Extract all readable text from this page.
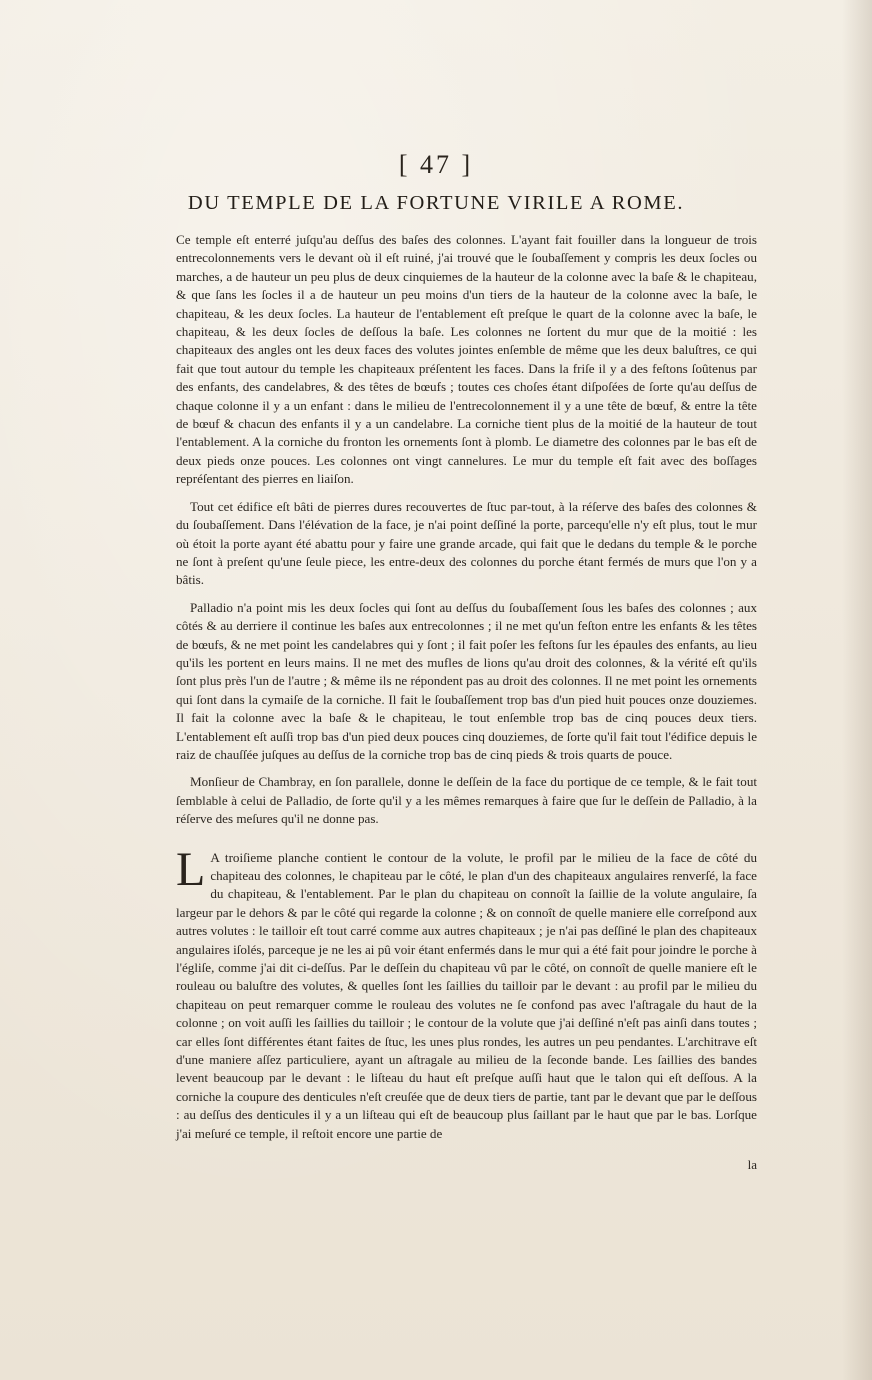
[ 47 ]
DU TEMPLE DE LA FORTUNE VIRILE A ROME.

Ce temple eſt enterré juſqu'au deſſus des baſes des colonnes. L'ayant fait fouiller dans la longueur de trois entrecolonnements vers le devant où il eſt ruiné, j'ai trouvé que le ſoubaſſement y compris les deux ſocles ou marches, a de hauteur un peu plus de deux cinquiemes de la hauteur de la colonne avec la baſe & le chapiteau, & que ſans les ſocles il a de hauteur un peu moins d'un tiers de la hauteur de la colonne avec la baſe, le chapiteau, & les deux ſocles. La hauteur de l'entablement eſt preſque le quart de la colonne avec la baſe, le chapiteau, & les deux ſocles de deſſous la baſe. Les colonnes ne ſortent du mur que de la moitié : les chapiteaux des angles ont les deux faces des volutes jointes enſemble de même que les deux baluſtres, ce qui fait que tout autour du temple les chapiteaux préſentent les faces. Dans la friſe il y a des feſtons ſoûtenus par des enfants, des candelabres, & des têtes de bœufs ; toutes ces choſes étant diſpoſées de ſorte qu'au deſſus de chaque colonne il y a un enfant : dans le milieu de l'entrecolonnement il y a une tête de bœuf, & entre la tête de bœuf & chacun des enfants il y a un candelabre. La corniche tient plus de la moitié de la hauteur de tout l'entablement. A la corniche du fronton les ornements ſont à plomb. Le diametre des colonnes par le bas eſt de deux pieds onze pouces. Les colonnes ont vingt cannelures. Le mur du temple eſt fait avec des boſſages repréſentant des pierres en liaiſon.

Tout cet édifice eſt bâti de pierres dures recouvertes de ſtuc par-tout, à la réſerve des baſes des colonnes & du ſoubaſſement. Dans l'élévation de la face, je n'ai point deſſiné la porte, parcequ'elle n'y eſt plus, tout le mur où étoit la porte ayant été abattu pour y faire une grande arcade, qui fait que le dedans du temple & le porche ne ſont à preſent qu'une ſeule piece, les entre-deux des colonnes du porche étant fermés de murs que l'on y a bâtis.

Palladio n'a point mis les deux ſocles qui ſont au deſſus du ſoubaſſement ſous les baſes des colonnes ; aux côtés & au derriere il continue les baſes aux entrecolonnes ; il ne met qu'un feſton entre les enfants & les têtes de bœufs, & ne met point les candelabres qui y ſont ; il fait poſer les feſtons ſur les épaules des enfants, au lieu qu'ils les portent en leurs mains. Il ne met des mufles de lions qu'au droit des colonnes, & la vérité eſt qu'ils ſont plus près l'un de l'autre ; & même ils ne répondent pas au droit des colonnes. Il ne met point les ornements qui ſont dans la cymaiſe de la corniche. Il fait le ſoubaſſement trop bas d'un pied huit pouces onze douziemes. Il fait la colonne avec la baſe & le chapiteau, le tout enſemble trop bas de cinq pouces deux tiers. L'entablement eſt auſſi trop bas d'un pied deux pouces cinq douziemes, de ſorte qu'il fait tout l'édifice depuis le raiz de chauſſée juſques au deſſus de la corniche trop bas de cinq pieds & trois quarts de pouce.

Monſieur de Chambray, en ſon parallele, donne le deſſein de la face du portique de ce temple, & le fait tout ſemblable à celui de Palladio, de ſorte qu'il y a les mêmes remarques à faire que ſur le deſſein de Palladio, à la réſerve des meſures qu'il ne donne pas.

L A troiſieme planche contient le contour de la volute, le profil par le milieu de la face de côté du chapiteau des colonnes, le chapiteau par le côté, le plan d'un des chapiteaux angulaires renverſé, la face du chapiteau, & l'entablement. Par le plan du chapiteau on connoît la ſaillie de la volute angulaire, ſa largeur par le dehors & par le côté qui regarde la colonne ; & on connoît de quelle maniere elle correſpond aux autres volutes : le tailloir eſt tout carré comme aux autres chapiteaux ; je n'ai pas deſſiné le plan des chapiteaux angulaires iſolés, parceque je ne les ai pû voir étant enfermés dans le mur qui a été fait pour joindre le porche à l'égliſe, comme j'ai dit ci-deſſus. Par le deſſein du chapiteau vû par le côté, on connoît de quelle maniere eſt le rouleau ou baluſtre des volutes, & quelles ſont les ſaillies du tailloir par le devant : au profil par le milieu du chapiteau on peut remarquer comme le rouleau des volutes ne ſe confond pas avec l'aſtragale du haut de la colonne ; on voit auſſi les ſaillies du tailloir ; le contour de la volute que j'ai deſſiné n'eſt pas ainſi dans toutes ; car elles ſont différentes étant faites de ſtuc, les unes plus rondes, les autres un peu pendantes. L'architrave eſt d'une maniere aſſez particuliere, ayant un aſtragale au milieu de la ſeconde bande. Les ſaillies des bandes levent beaucoup par le devant : le liſteau du haut eſt preſque auſſi haut que le talon qui eſt deſſous. A la corniche la coupure des denticules n'eſt creuſée que de deux tiers de partie, tant par le devant que par le deſſous : au deſſus des denticules il y a un liſteau qui eſt de beaucoup plus ſaillant par le haut que par le bas. Lorſque j'ai meſuré ce temple, il reſtoit encore une partie de

la
